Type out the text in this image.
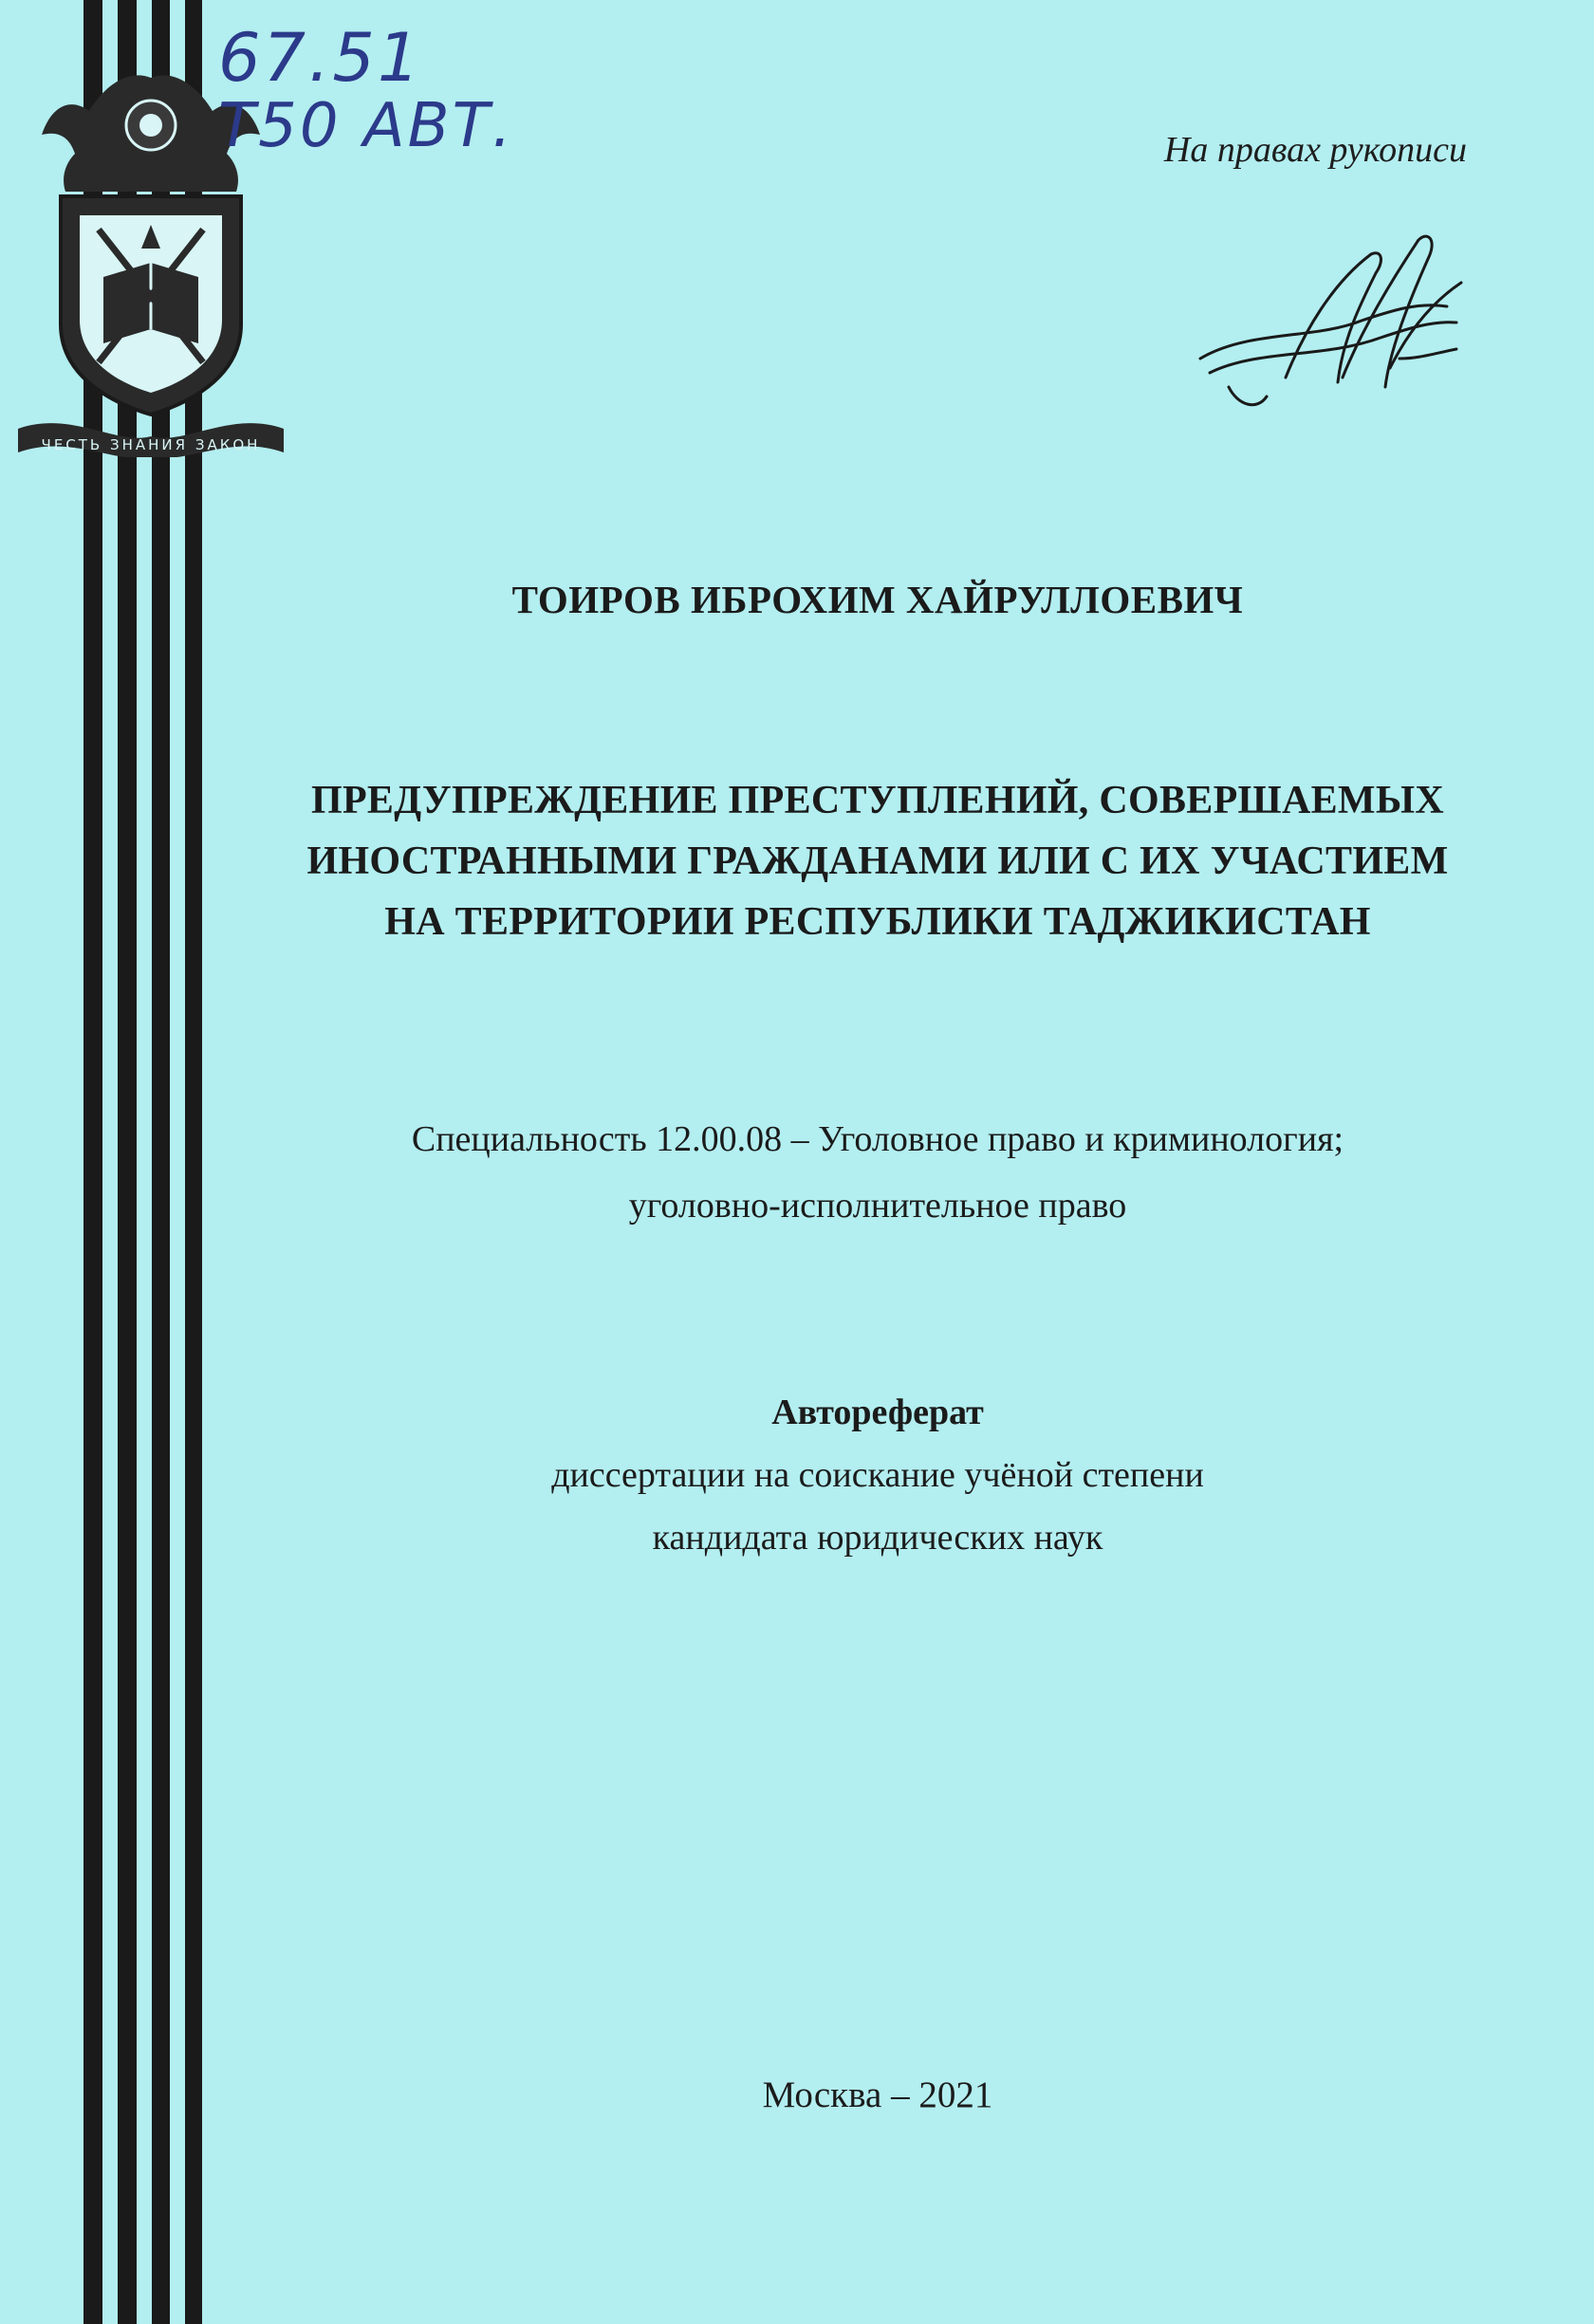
ЧЕСТЬ ЗНАНИЯ ЗАКОН
67.51
Т50 АВТ.	На правах рукописи
ТОИРОВ ИБРОХИМ ХАЙРУЛЛОЕВИЧ
ПРЕДУПРЕЖДЕНИЕ ПРЕСТУПЛЕНИЙ, СОВЕРШАЕМЫХ
ИНОСТРАННЫМИ ГРАЖДАНАМИ ИЛИ С ИХ УЧАСТИЕМ
НА ТЕРРИТОРИИ РЕСПУБЛИКИ ТАДЖИКИСТАН
Специальность 12.00.08 – Уголовное право и криминология;
уголовно-исполнительное право
Автореферат
диссертации на соискание учёной степени
кандидата юридических наук
Москва – 2021
